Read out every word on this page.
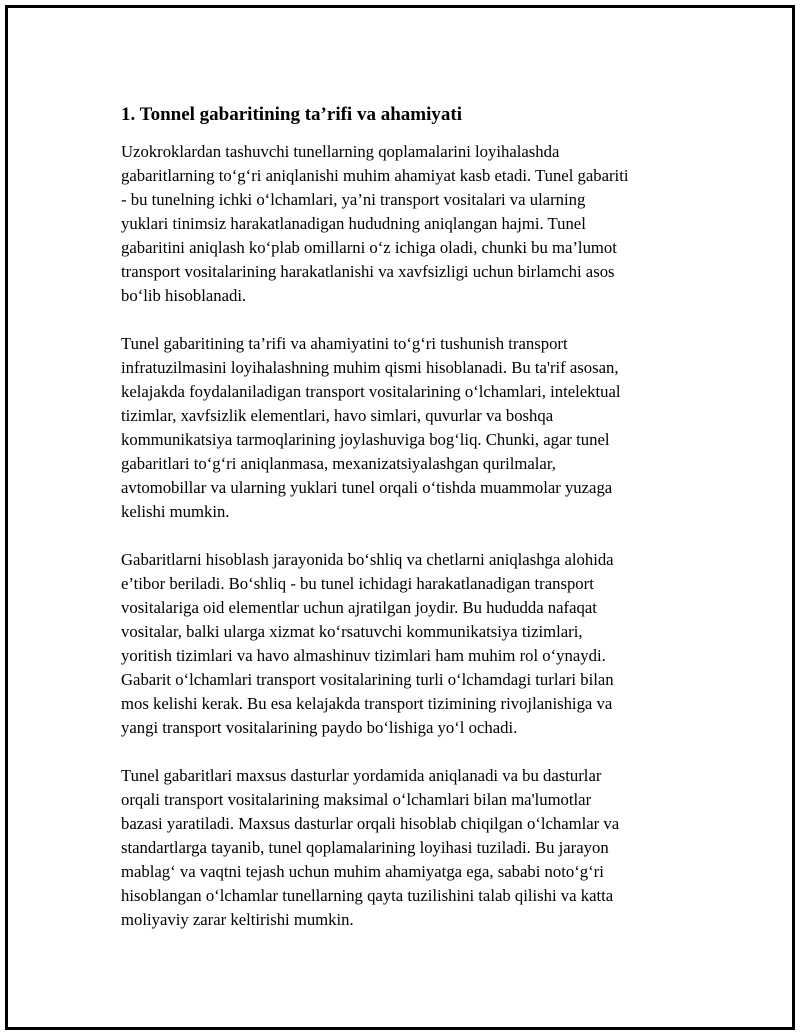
1. Tonnel gabaritining ta’rifi va ahamiyati
Uzokroklardan tashuvchi tunellarning qoplamalarini loyihalashda
gabaritlarning to‘g‘ri aniqlanishi muhim ahamiyat kasb etadi. Tunel gabariti
- bu tunelning ichki o‘lchamlari, ya’ni transport vositalari va ularning
yuklari tinimsiz harakatlanadigan hududning aniqlangan hajmi. Tunel
gabaritini aniqlash ko‘plab omillarni o‘z ichiga oladi, chunki bu ma’lumot
transport vositalarining harakatlanishi va xavfsizligi uchun birlamchi asos
bo‘lib hisoblanadi.
Tunel gabaritining ta’rifi va ahamiyatini to‘g‘ri tushunish transport
infratuzilmasini loyihalashning muhim qismi hisoblanadi. Bu ta'rif asosan,
kelajakda foydalaniladigan transport vositalarining o‘lchamlari, intelektual
tizimlar, xavfsizlik elementlari, havo simlari, quvurlar va boshqa
kommunikatsiya tarmoqlarining joylashuviga bog‘liq. Chunki, agar tunel
gabaritlari to‘g‘ri aniqlanmasa, mexanizatsiyalashgan qurilmalar,
avtomobillar va ularning yuklari tunel orqali o‘tishda muammolar yuzaga
kelishi mumkin.
Gabaritlarni hisoblash jarayonida bo‘shliq va chetlarni aniqlashga alohida
e’tibor beriladi. Bo‘shliq - bu tunel ichidagi harakatlanadigan transport
vositalariga oid elementlar uchun ajratilgan joydir. Bu hududda nafaqat
vositalar, balki ularga xizmat ko‘rsatuvchi kommunikatsiya tizimlari,
yoritish tizimlari va havo almashinuv tizimlari ham muhim rol o‘ynaydi.
Gabarit o‘lchamlari transport vositalarining turli o‘lchamdagi turlari bilan
mos kelishi kerak. Bu esa kelajakda transport tizimining rivojlanishiga va
yangi transport vositalarining paydo bo‘lishiga yo‘l ochadi.
Tunel gabaritlari maxsus dasturlar yordamida aniqlanadi va bu dasturlar
orqali transport vositalarining maksimal o‘lchamlari bilan ma'lumotlar
bazasi yaratiladi. Maxsus dasturlar orqali hisoblab chiqilgan o‘lchamlar va
standartlarga tayanib, tunel qoplamalarining loyihasi tuziladi. Bu jarayon
mablag‘ va vaqtni tejash uchun muhim ahamiyatga ega, sababi noto‘g‘ri
hisoblangan o‘lchamlar tunellarning qayta tuzilishini talab qilishi va katta
moliyaviy zarar keltirishi mumkin.
